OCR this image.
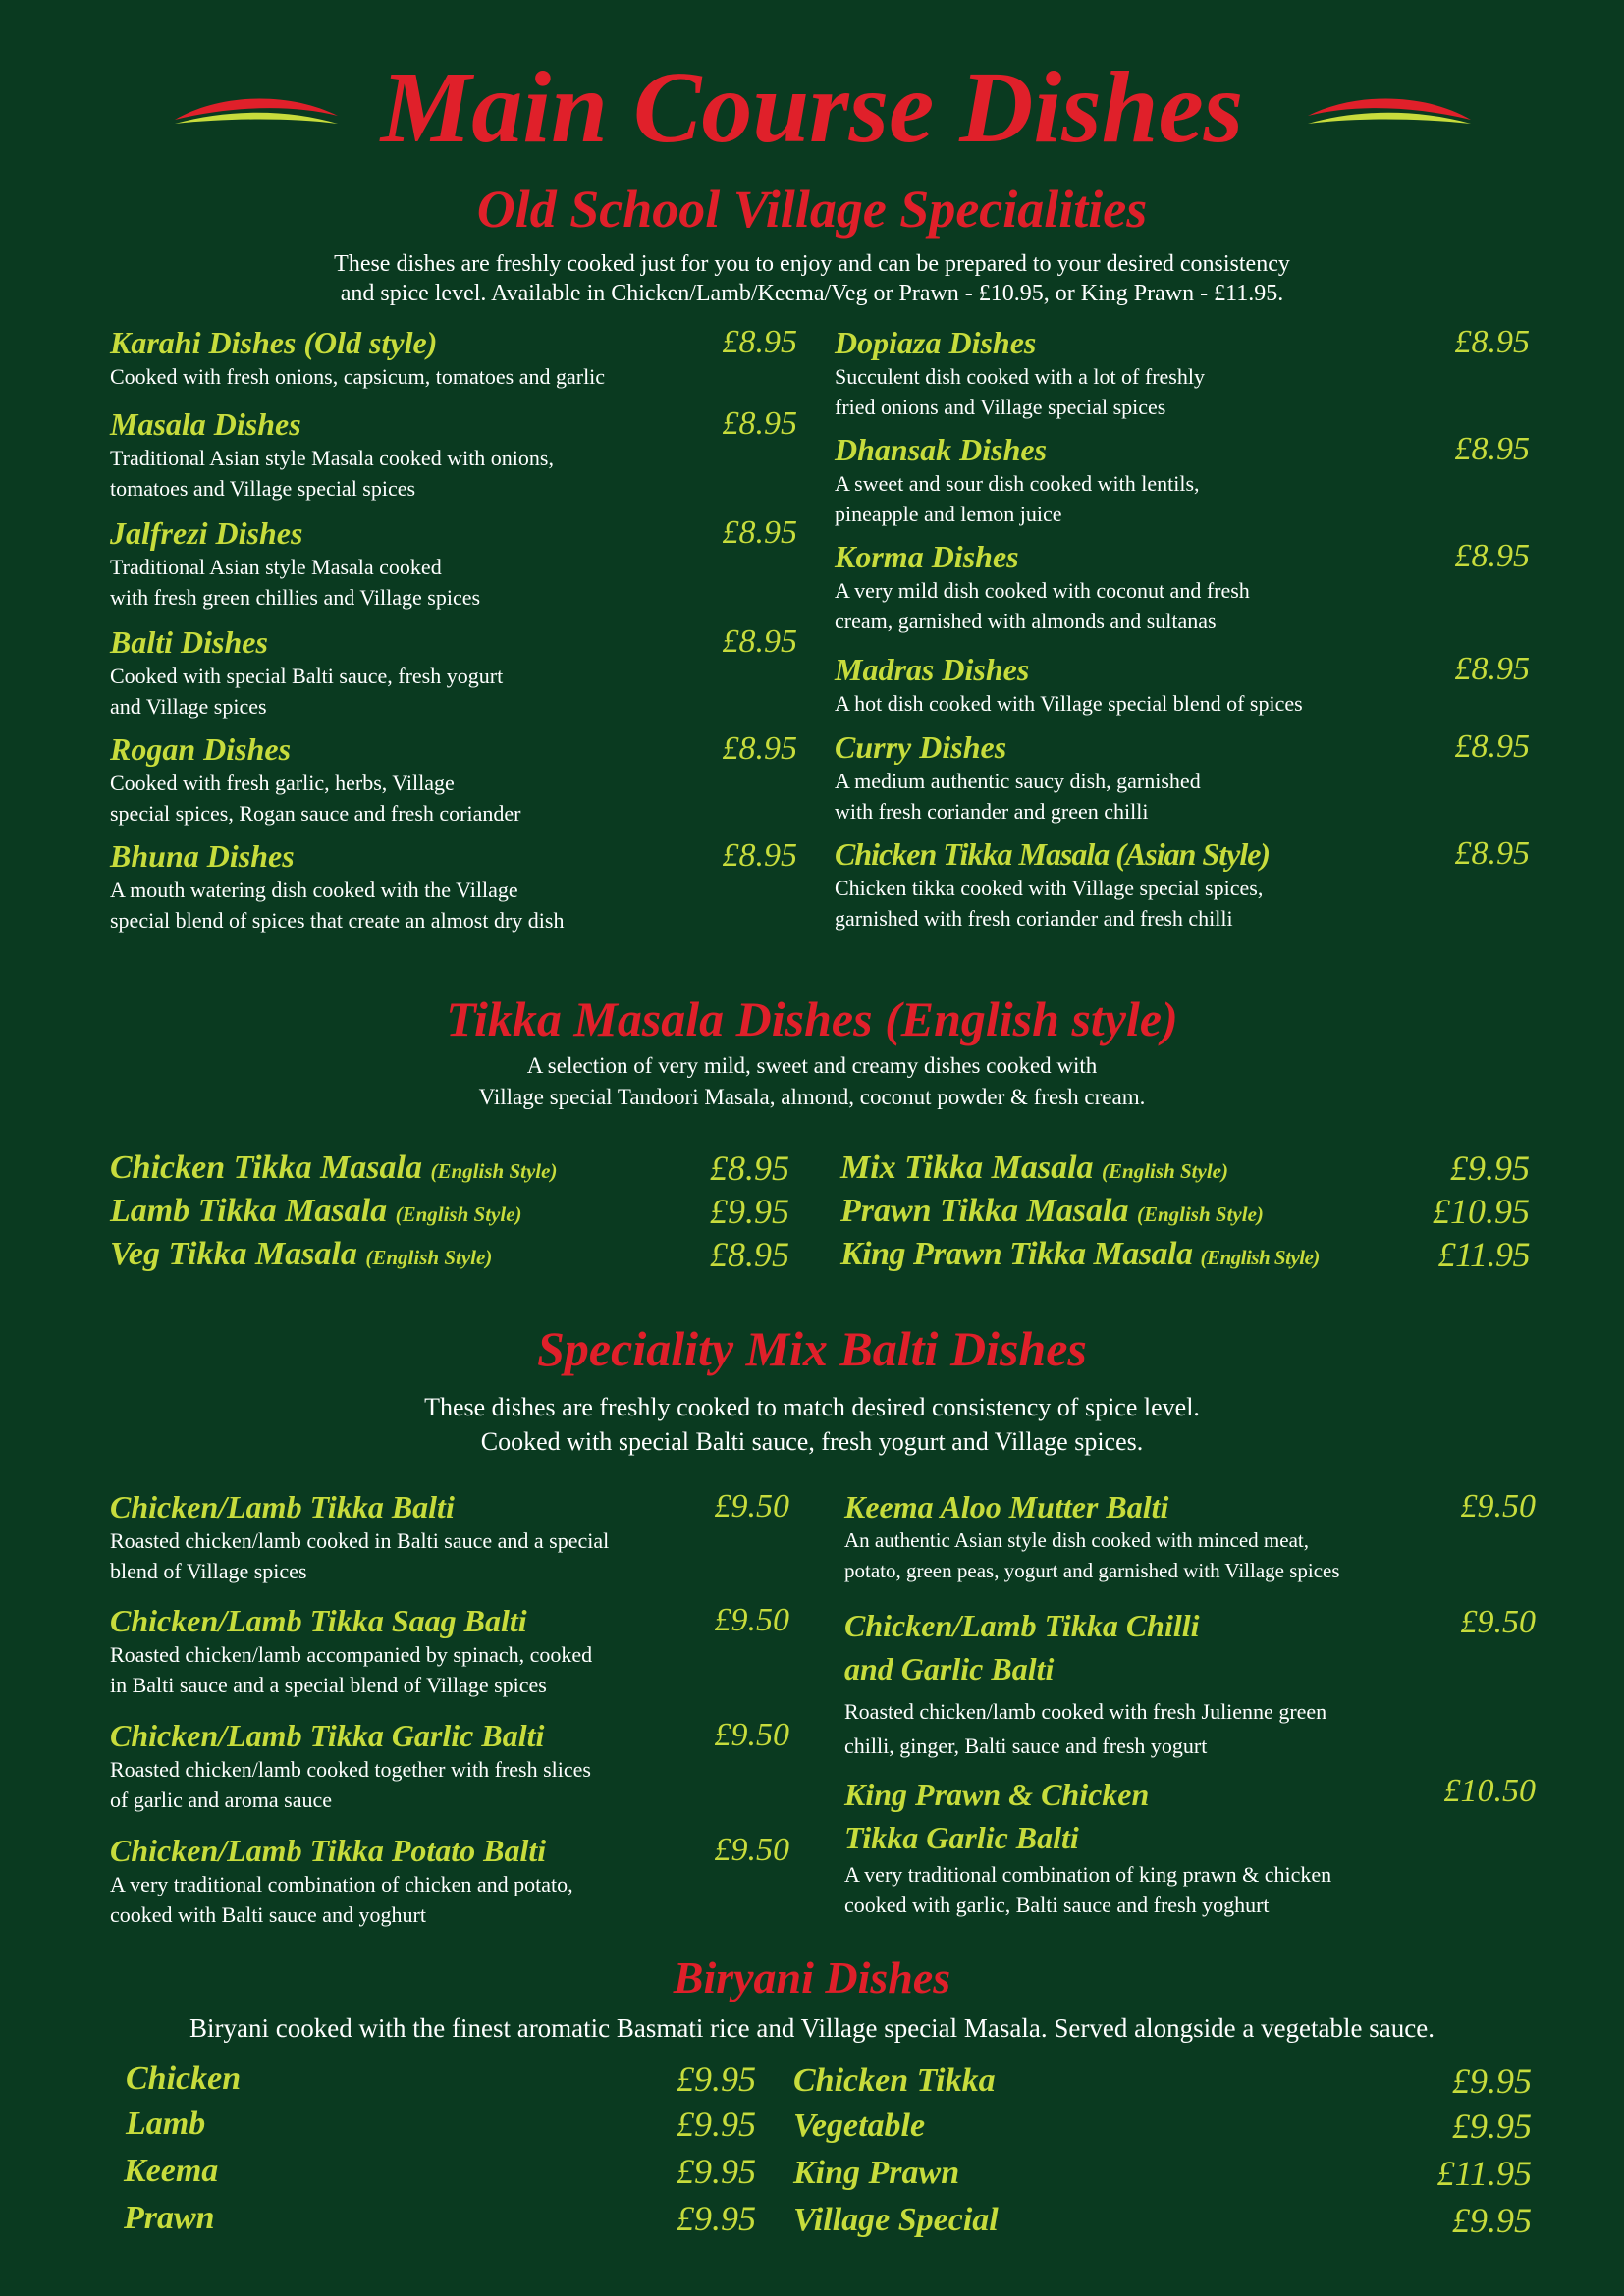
Main Course Dishes
Old School Village Specialities
These dishes are freshly cooked just for you to enjoy and can be prepared to your desired consistency
and spice level. Available in Chicken/Lamb/Keema/Veg or Prawn - £10.95, or King Prawn - £11.95.
Karahi Dishes (Old style)	£8.95
Cooked with fresh onions, capsicum, tomatoes and garlic
Masala Dishes	£8.95
Traditional Asian style Masala cooked with onions,
tomatoes and Village special spices
Jalfrezi Dishes	£8.95
Traditional Asian style Masala cooked
with fresh green chillies and Village spices
Balti Dishes	£8.95
Cooked with special Balti sauce, fresh yogurt
and Village spices
Rogan Dishes	£8.95
Cooked with fresh garlic, herbs, Village
special spices, Rogan sauce and fresh coriander
Bhuna Dishes	£8.95
A mouth watering dish cooked with the Village
special blend of spices that create an almost dry dish
Dopiaza Dishes	£8.95
Succulent dish cooked with a lot of freshly
fried onions and Village special spices
Dhansak Dishes	£8.95
A sweet and sour dish cooked with lentils,
pineapple and lemon juice
Korma Dishes	£8.95
A very mild dish cooked with coconut and fresh
cream, garnished with almonds and sultanas
Madras Dishes	£8.95
A hot dish cooked with Village special blend of spices
Curry Dishes	£8.95
A medium authentic saucy dish, garnished
with fresh coriander and green chilli
Chicken Tikka Masala (Asian Style)	£8.95
Chicken tikka cooked with Village special spices,
garnished with fresh coriander and fresh chilli
Tikka Masala Dishes (English style)
A selection of very mild, sweet and creamy dishes cooked with
Village special Tandoori Masala, almond, coconut powder & fresh cream.
Chicken Tikka Masala (English Style)	£8.95
Lamb Tikka Masala (English Style)	£9.95
Veg Tikka Masala (English Style)	£8.95
Mix Tikka Masala (English Style)	£9.95
Prawn Tikka Masala (English Style)	£10.95
King Prawn Tikka Masala (English Style)	£11.95
Speciality Mix Balti Dishes
These dishes are freshly cooked to match desired consistency of spice level.
Cooked with special Balti sauce, fresh yogurt and Village spices.
Chicken/Lamb Tikka Balti	£9.50
Roasted chicken/lamb cooked in Balti sauce and a special
blend of Village spices
Chicken/Lamb Tikka Saag Balti	£9.50
Roasted chicken/lamb accompanied by spinach, cooked
in Balti sauce and a special blend of Village spices
Chicken/Lamb Tikka Garlic Balti	£9.50
Roasted chicken/lamb cooked together with fresh slices
of garlic and aroma sauce
Chicken/Lamb Tikka Potato Balti	£9.50
A very traditional combination of chicken and potato,
cooked with Balti sauce and yoghurt
Keema Aloo Mutter Balti	£9.50
An authentic Asian style dish cooked with minced meat,
potato, green peas, yogurt and garnished with Village spices
Chicken/Lamb Tikka Chilli
and Garlic Balti
£9.50
Roasted chicken/lamb cooked with fresh Julienne green
chilli, ginger, Balti sauce and fresh yogurt
King Prawn & Chicken
Tikka Garlic Balti
£10.50
A very traditional combination of king prawn & chicken
cooked with garlic, Balti sauce and fresh yoghurt
Biryani Dishes
Biryani cooked with the finest aromatic Basmati rice and Village special Masala. Served alongside a vegetable sauce.
Chicken	£9.95
Lamb	£9.95
Keema	£9.95
Prawn	£9.95
Chicken Tikka	£9.95
Vegetable	£9.95
King Prawn	£11.95
Village Special	£9.95
